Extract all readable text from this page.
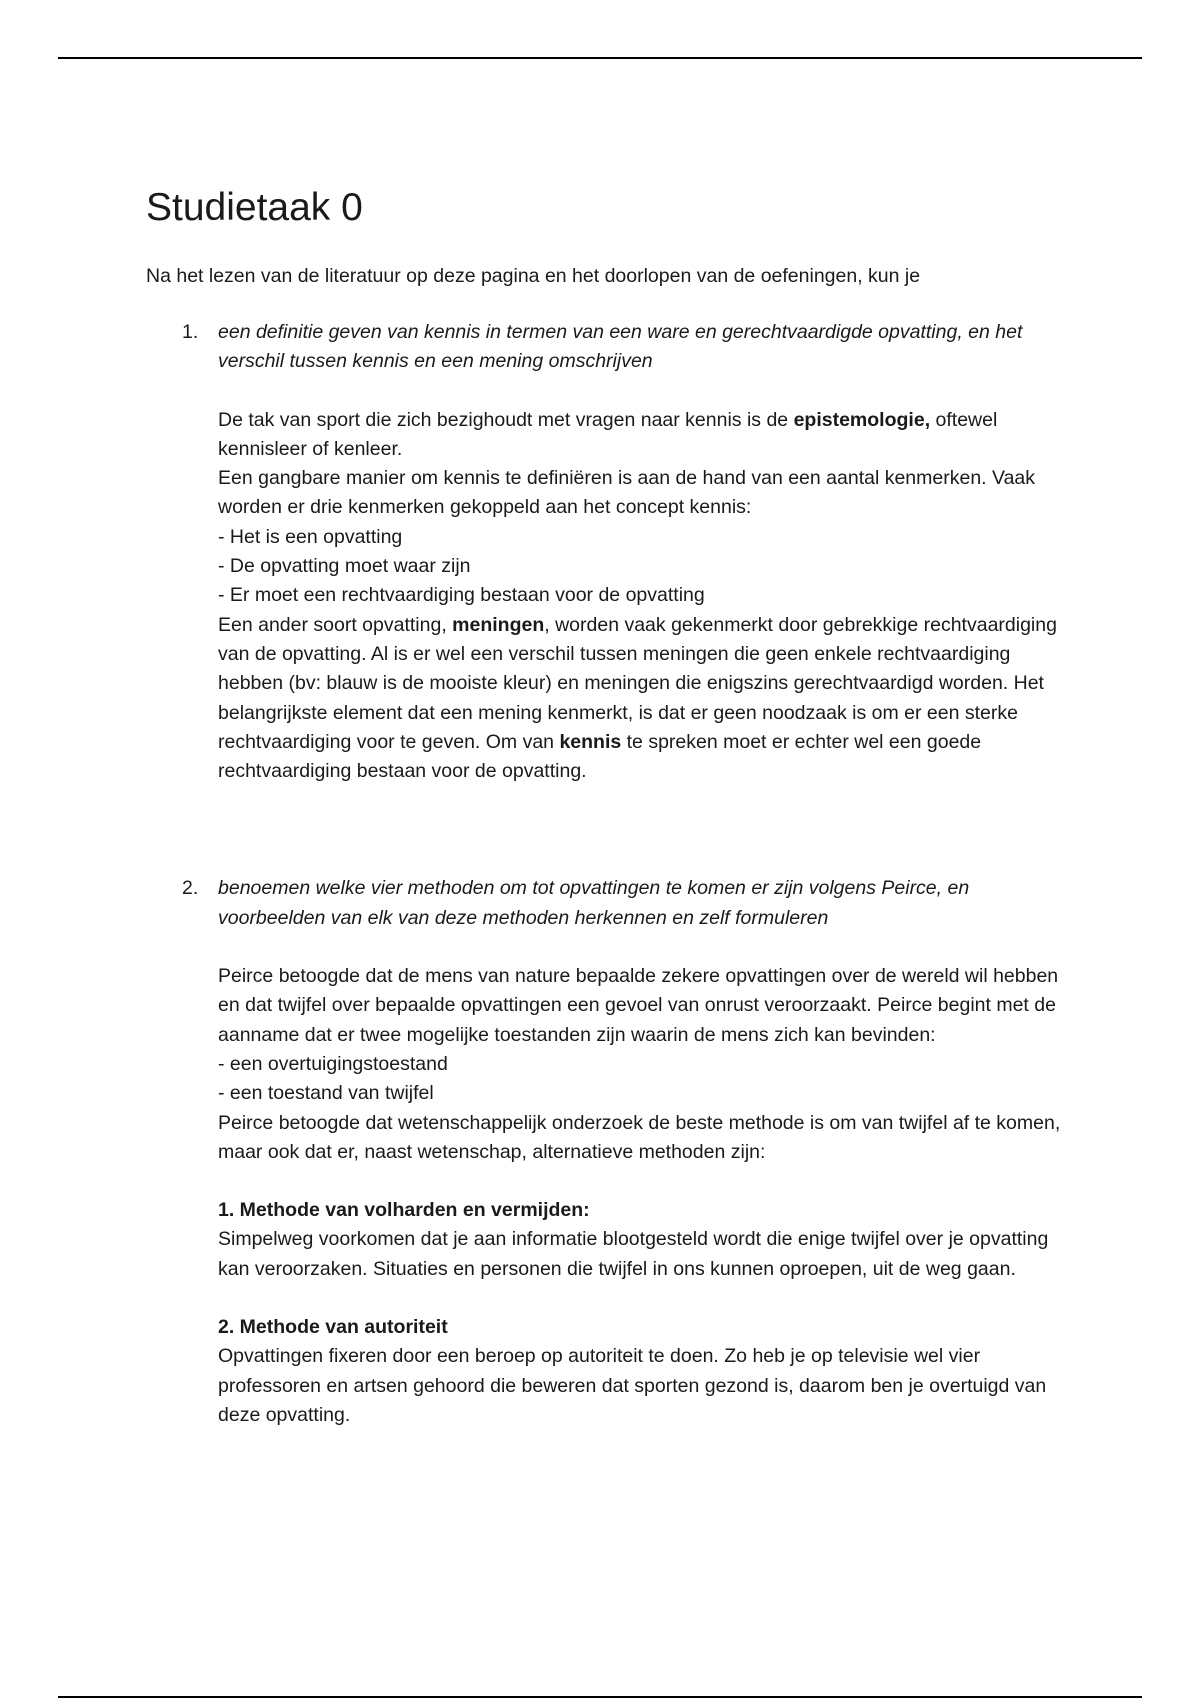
Studietaak 0

Na het lezen van de literatuur op deze pagina en het doorlopen van de oefeningen, kun je

1. een definitie geven van kennis in termen van een ware en gerechtvaardigde opvatting, en het verschil tussen kennis en een mening omschrijven

De tak van sport die zich bezighoudt met vragen naar kennis is de epistemologie, oftewel kennisleer of kenleer.
Een gangbare manier om kennis te definiëren is aan de hand van een aantal kenmerken. Vaak worden er drie kenmerken gekoppeld aan het concept kennis:
- Het is een opvatting
- De opvatting moet waar zijn
- Er moet een rechtvaardiging bestaan voor de opvatting
Een ander soort opvatting, meningen, worden vaak gekenmerkt door gebrekkige rechtvaardiging van de opvatting. Al is er wel een verschil tussen meningen die geen enkele rechtvaardiging hebben (bv: blauw is de mooiste kleur) en meningen die enigszins gerechtvaardigd worden. Het belangrijkste element dat een mening kenmerkt, is dat er geen noodzaak is om er een sterke rechtvaardiging voor te geven. Om van kennis te spreken moet er echter wel een goede rechtvaardiging bestaan voor de opvatting.
2. benoemen welke vier methoden om tot opvattingen te komen er zijn volgens Peirce, en voorbeelden van elk van deze methoden herkennen en zelf formuleren

Peirce betoogde dat de mens van nature bepaalde zekere opvattingen over de wereld wil hebben en dat twijfel over bepaalde opvattingen een gevoel van onrust veroorzaakt. Peirce begint met de aanname dat er twee mogelijke toestanden zijn waarin de mens zich kan bevinden:
- een overtuigingstoestand
- een toestand van twijfel
Peirce betoogde dat wetenschappelijk onderzoek de beste methode is om van twijfel af te komen, maar ook dat er, naast wetenschap, alternatieve methoden zijn:
1. Methode van volharden en vermijden:
Simpelweg voorkomen dat je aan informatie blootgesteld wordt die enige twijfel over je opvatting kan veroorzaken. Situaties en personen die twijfel in ons kunnen oproepen, uit de weg gaan.
2. Methode van autoriteit
Opvattingen fixeren door een beroep op autoriteit te doen. Zo heb je op televisie wel vier professoren en artsen gehoord die beweren dat sporten gezond is, daarom ben je overtuigd van deze opvatting.
